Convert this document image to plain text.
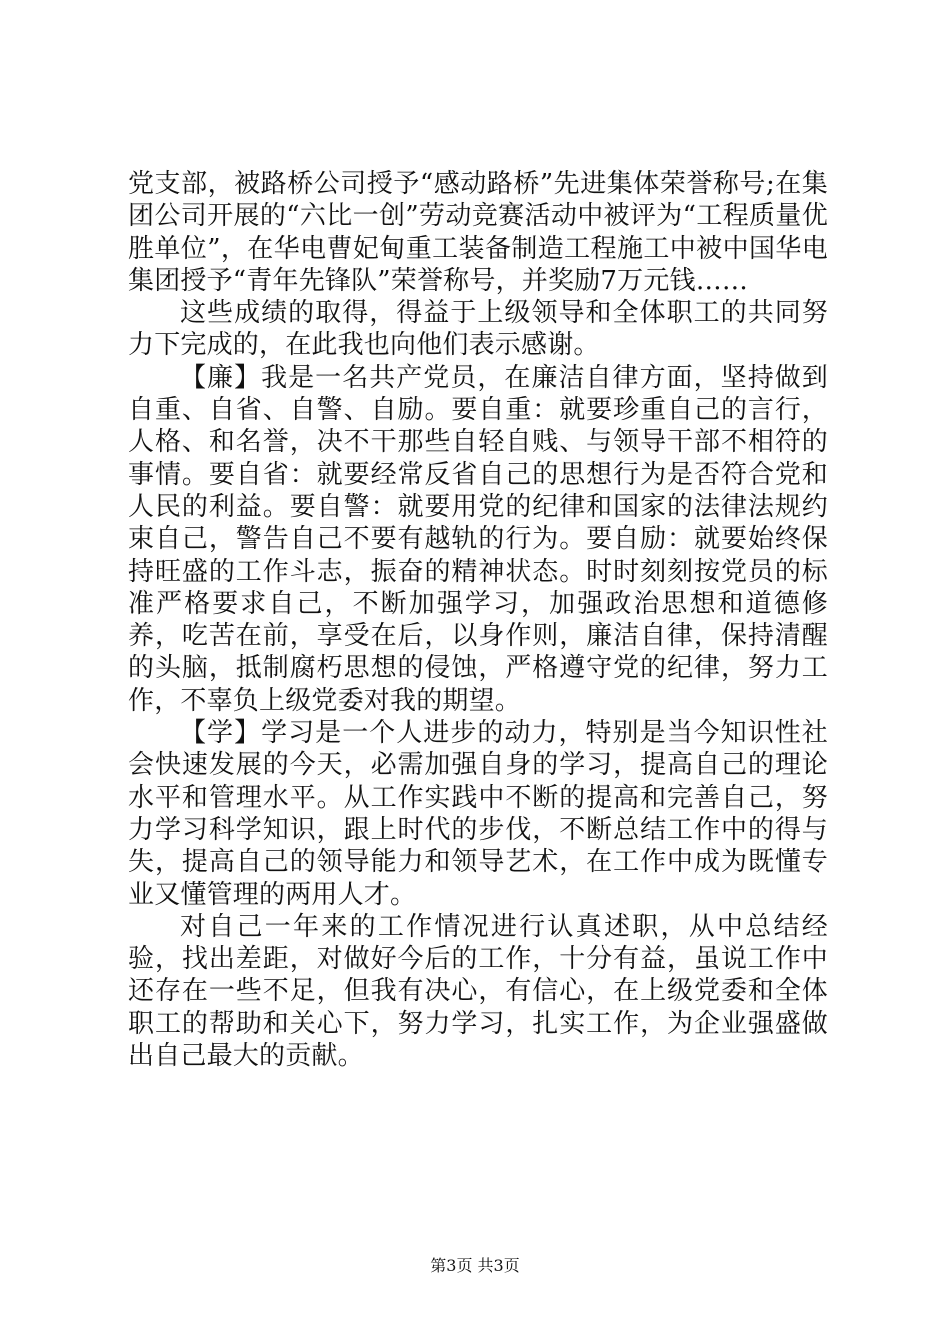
党支部，被路桥公司授予“感动路桥”先进集体荣誉称号;在集团公司开展的“六比一创”劳动竞赛活动中被评为“工程质量优胜单位”，在华电曹妃甸重工装备制造工程施工中被中国华电集团授予“青年先锋队”荣誉称号，并奖励7万元钱……

这些成绩的取得，得益于上级领导和全体职工的共同努力下完成的，在此我也向他们表示感谢。

【廉】我是一名共产党员，在廉洁自律方面，坚持做到自重、自省、自警、自励。要自重：就要珍重自己的言行，人格、和名誉，决不干那些自轻自贱、与领导干部不相符的事情。要自省：就要经常反省自己的思想行为是否符合党和人民的利益。要自警：就要用党的纪律和国家的法律法规约束自己，警告自己不要有越轨的行为。要自励：就要始终保持旺盛的工作斗志，振奋的精神状态。时时刻刻按党员的标准严格要求自己，不断加强学习，加强政治思想和道德修养，吃苦在前，享受在后，以身作则，廉洁自律，保持清醒的头脑，抵制腐朽思想的侵蚀，严格遵守党的纪律，努力工作，不辜负上级党委对我的期望。

【学】学习是一个人进步的动力，特别是当今知识性社会快速发展的今天，必需加强自身的学习，提高自己的理论水平和管理水平。从工作实践中不断的提高和完善自己，努力学习科学知识，跟上时代的步伐，不断总结工作中的得与失，提高自己的领导能力和领导艺术，在工作中成为既懂专业又懂管理的两用人才。

对自己一年来的工作情况进行认真述职，从中总结经验，找出差距，对做好今后的工作，十分有益，虽说工作中还存在一些不足，但我有决心，有信心，在上级党委和全体职工的帮助和关心下，努力学习，扎实工作，为企业强盛做出自己最大的贡献。

第3页 共3页
